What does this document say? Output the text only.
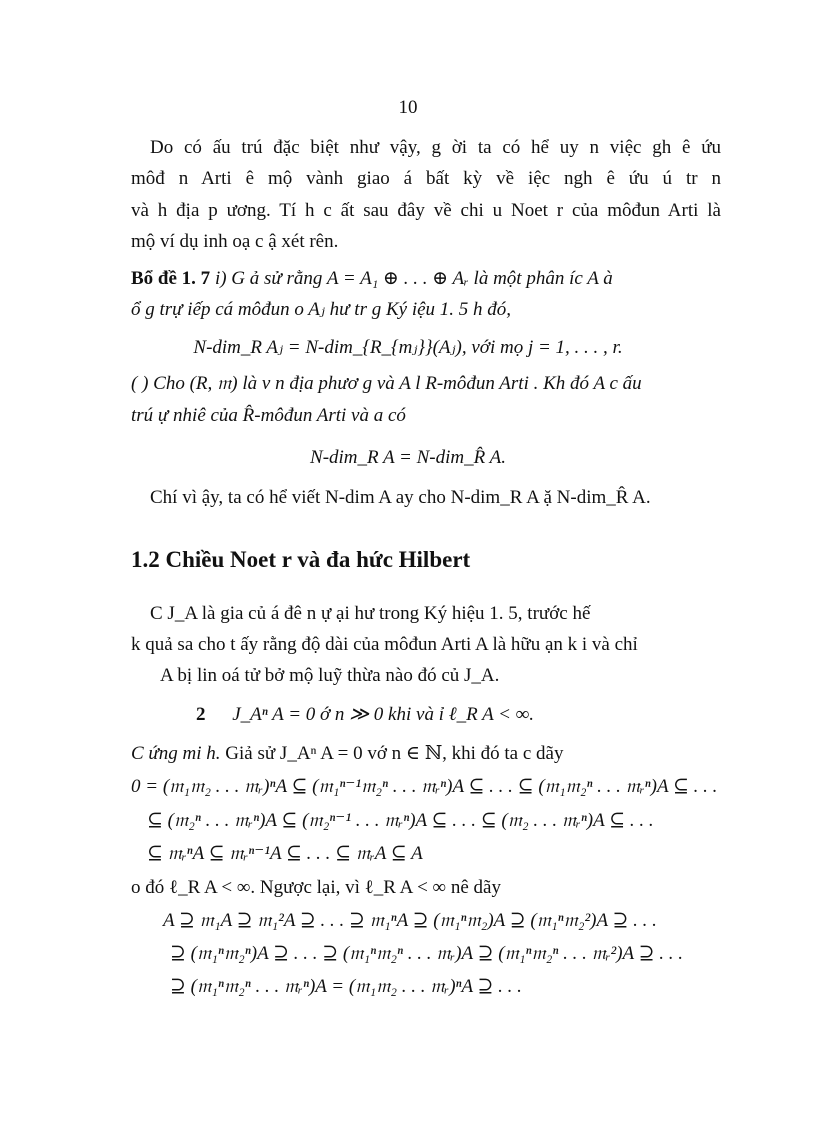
10
Do có ấu trú đặc biệt như vậy, g ời ta có hể uy n việc gh ê ứu
môđ n Arti ê mộ vành giao á bất kỳ về iệc ngh ê ứu ú tr n
và h địa p ương. Tí h c ất sau đây về chi u Noet r của môđun Arti là
mộ ví dụ inh oạ c ậ xét rên.
Bổ đề 1. 7 i) G ả sử rằng A = A₁ ⊕ . . . ⊕ Aᵣ là một phân íc A à
ổ g trự iếp cá môđun o Aⱼ hư tr g Ký iệu 1. 5 h đó,
N-dim_R Aⱼ = N-dim_{R_{mⱼ}}(Aⱼ), với mọ j = 1, . . . , r.
( ) Cho (R, 𝔪) là v n địa phươ g và A l R-môđun Arti . Kh đó A c ấu
trú ự nhiê của R̂-môđun Arti và a có
N-dim_R A = N-dim_R̂ A.
Chí vì ậy, ta có hể viết N-dim A ay cho N-dim_R A ặ N-dim_R̂ A.
1.2 Chiều Noet r và đa hức Hilbert
C J_A là gia củ á đê n ự ại hư trong Ký hiệu 1. 5, trước hế
k quả sa cho t ấy rằng độ dài của môđun Arti A là hữu ạn k i và chỉ
A bị lin oá tử bở mộ luỹ thừa nào đó củ J_A.
2 J_Aⁿ A = 0 ớ n ≫ 0 khi và ỉ ℓ_R A < ∞.
C ứng mi h. Giả sử J_Aⁿ A = 0 vớ n ∈ ℕ, khi đó ta c dãy
0 = (𝔪₁𝔪₂ . . . 𝔪ᵣ)ⁿA ⊆ (𝔪₁ⁿ⁻¹𝔪₂ⁿ . . . 𝔪ᵣⁿ)A ⊆ . . . ⊆ (𝔪₁𝔪₂ⁿ . . . 𝔪ᵣⁿ)A ⊆ . . .
⊆ (𝔪₂ⁿ . . . 𝔪ᵣⁿ)A ⊆ (𝔪₂ⁿ⁻¹ . . . 𝔪ᵣⁿ)A ⊆ . . . ⊆ (𝔪₂ . . . 𝔪ᵣⁿ)A ⊆ . . .
⊆ 𝔪ᵣⁿA ⊆ 𝔪ᵣⁿ⁻¹A ⊆ . . . ⊆ 𝔪ᵣA ⊆ A
o đó ℓ_R A < ∞. Ngược lại, vì ℓ_R A < ∞ nê dãy
A ⊇ 𝔪₁A ⊇ 𝔪₁²A ⊇ . . . ⊇ 𝔪₁ⁿA ⊇ (𝔪₁ⁿ𝔪₂)A ⊇ (𝔪₁ⁿ𝔪₂²)A ⊇ . . .
⊇ (𝔪₁ⁿ𝔪₂ⁿ)A ⊇ . . . ⊇ (𝔪₁ⁿ𝔪₂ⁿ . . . 𝔪ᵣ)A ⊇ (𝔪₁ⁿ𝔪₂ⁿ . . . 𝔪ᵣ²)A ⊇ . . .
⊇ (𝔪₁ⁿ𝔪₂ⁿ . . . 𝔪ᵣⁿ)A = (𝔪₁𝔪₂ . . . 𝔪ᵣ)ⁿA ⊇ . . .
